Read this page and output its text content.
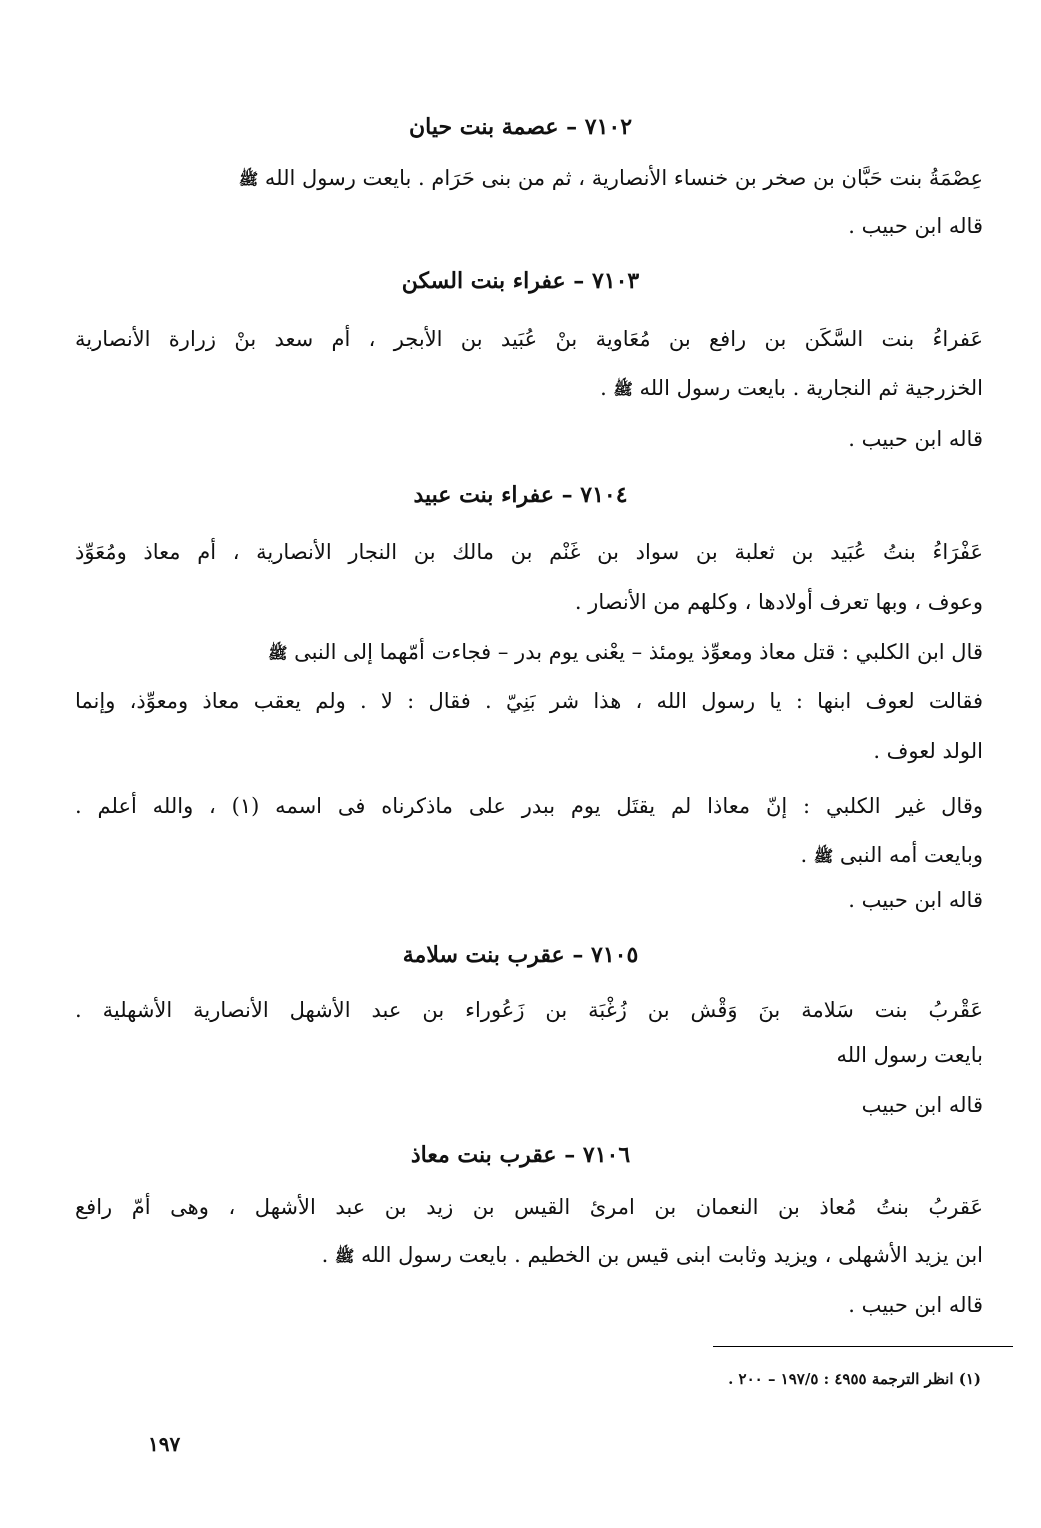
٧١٠٢ – عصمة بنت حيان
عِصْمَةُ بنت حَبَّان بن صخر بن خنساء الأنصارية ، ثم من بنى حَرَام . بايعت رسول الله ﷺ
قاله ابن حبيب .
٧١٠٣ – عفراء بنت السكن
عَفراءُ بنت السَّكَن بن رافع بن مُعَاوية بنْ عُبَيد بن الأبجر ، أم سعد بنْ زرارة الأنصارية
الخزرجية ثم النجارية . بايعت رسول الله ﷺ .
قاله ابن حبيب .
٧١٠٤ – عفراء بنت عبيد
عَفْرَاءُ بنتُ عُبَيد بن ثعلبة بن سواد بن غَنْم بن مالك بن النجار الأنصارية ، أم معاذ ومُعَوِّذ
وعوف ، وبها تعرف أولادها ، وكلهم من الأنصار .
قال ابن الكلبي : قتل معاذ ومعوِّذ يومئذ – يعْنى يوم بدر – فجاءت أمّهما إلى النبى ﷺ
فقالت لعوف ابنها : يا رسول الله ، هذا شر بَنِيّ . فقال : لا . ولم يعقب معاذ ومعوِّذ، وإنما
الولد لعوف .
وقال غير الكلبي : إنّ معاذا لم يقتَل يوم ببدر على ماذكرناه فى اسمه (١) ، والله أعلم .
وبايعت أمه النبى ﷺ .
قاله ابن حبيب .
٧١٠٥ – عقرب بنت سلامة
عَقْربُ بنت سَلامة بنَ وَقْش بن زُغْبَة بن زَعُوراء بن عبد الأشهل الأنصارية الأشهلية .
بايعت رسول الله
قاله ابن حبيب
٧١٠٦ – عقرب بنت معاذ
عَقربُ بنتُ مُعاذ بن النعمان بن امرئ القيس بن زيد بن عبد الأشهل ، وهى أمّ رافع
ابن يزيد الأشهلى ، ويزيد وثابت ابنى قيس بن الخطيم . بايعت رسول الله ﷺ .
قاله ابن حبيب .
(١) انظر الترجمة ٤٩٥٥ : ١٩٧/٥ – ٢٠٠ .
١٩٧
